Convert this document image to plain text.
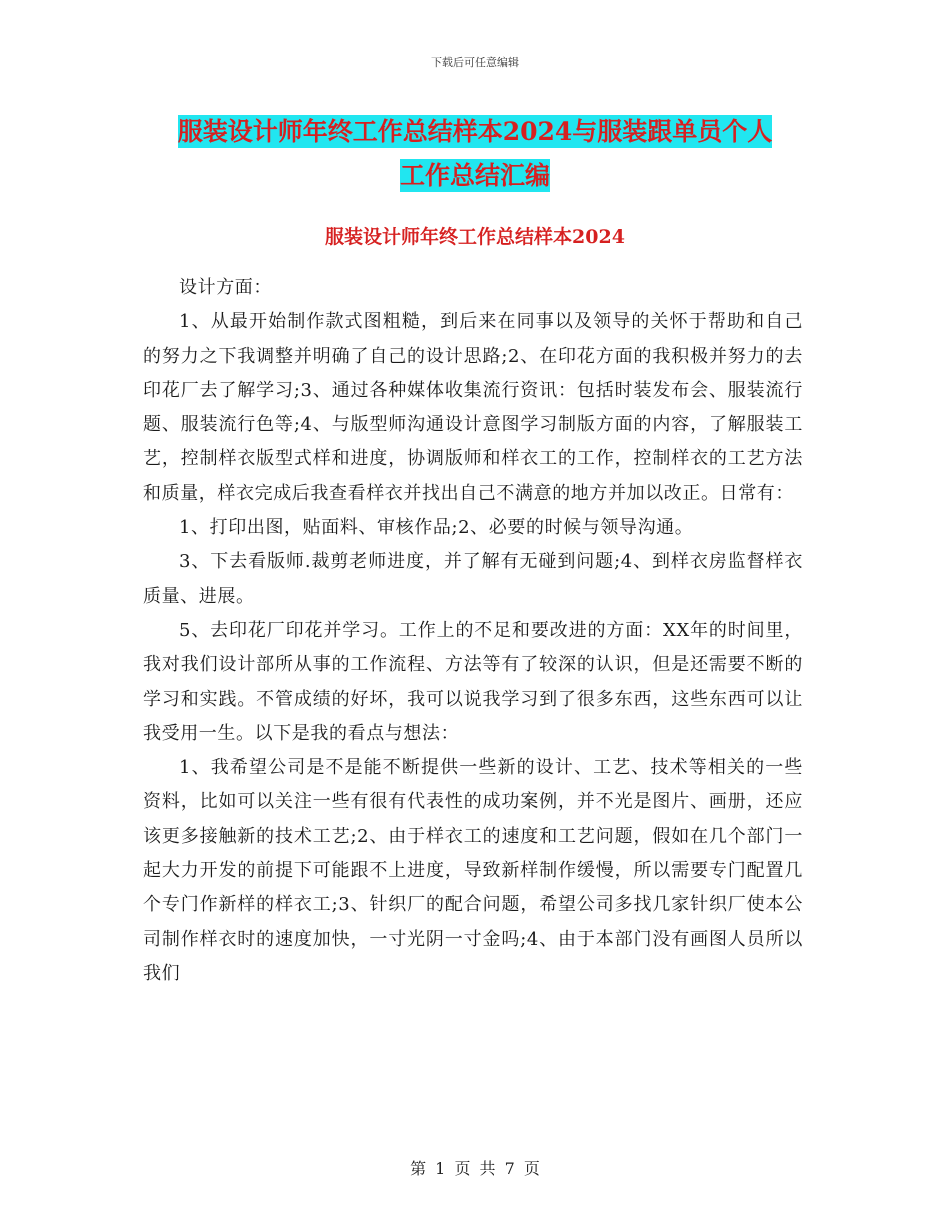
下载后可任意编辑
服装设计师年终工作总结样本2024与服装跟单员个人
工作总结汇编
服装设计师年终工作总结样本2024

设计方面：

1、从最开始制作款式图粗糙，到后来在同事以及领导的关怀于帮助和自己的努力之下我调整并明确了自己的设计思路;2、在印花方面的我积极并努力的去印花厂去了解学习;3、通过各种媒体收集流行资讯：包括时装发布会、服装流行题、服装流行色等;4、与版型师沟通设计意图学习制版方面的内容，了解服装工艺，控制样衣版型式样和进度，协调版师和样衣工的工作，控制样衣的工艺方法和质量，样衣完成后我查看样衣并找出自己不满意的地方并加以改正。日常有：

1、打印出图，贴面料、审核作品;2、必要的时候与领导沟通。

3、下去看版师.裁剪老师进度，并了解有无碰到问题;4、到样衣房监督样衣质量、进展。

5、去印花厂印花并学习。工作上的不足和要改进的方面：XX年的时间里，我对我们设计部所从事的工作流程、方法等有了较深的认识，但是还需要不断的学习和实践。不管成绩的好坏，我可以说我学习到了很多东西，这些东西可以让我受用一生。以下是我的看点与想法：

1、我希望公司是不是能不断提供一些新的设计、工艺、技术等相关的一些资料，比如可以关注一些有很有代表性的成功案例，并不光是图片、画册，还应该更多接触新的技术工艺;2、由于样衣工的速度和工艺问题，假如在几个部门一起大力开发的前提下可能跟不上进度，导致新样制作缓慢，所以需要专门配置几个专门作新样的样衣工;3、针织厂的配合问题，希望公司多找几家针织厂使本公司制作样衣时的速度加快，一寸光阴一寸金吗;4、由于本部门没有画图人员所以我们

第 1 页 共 7 页
